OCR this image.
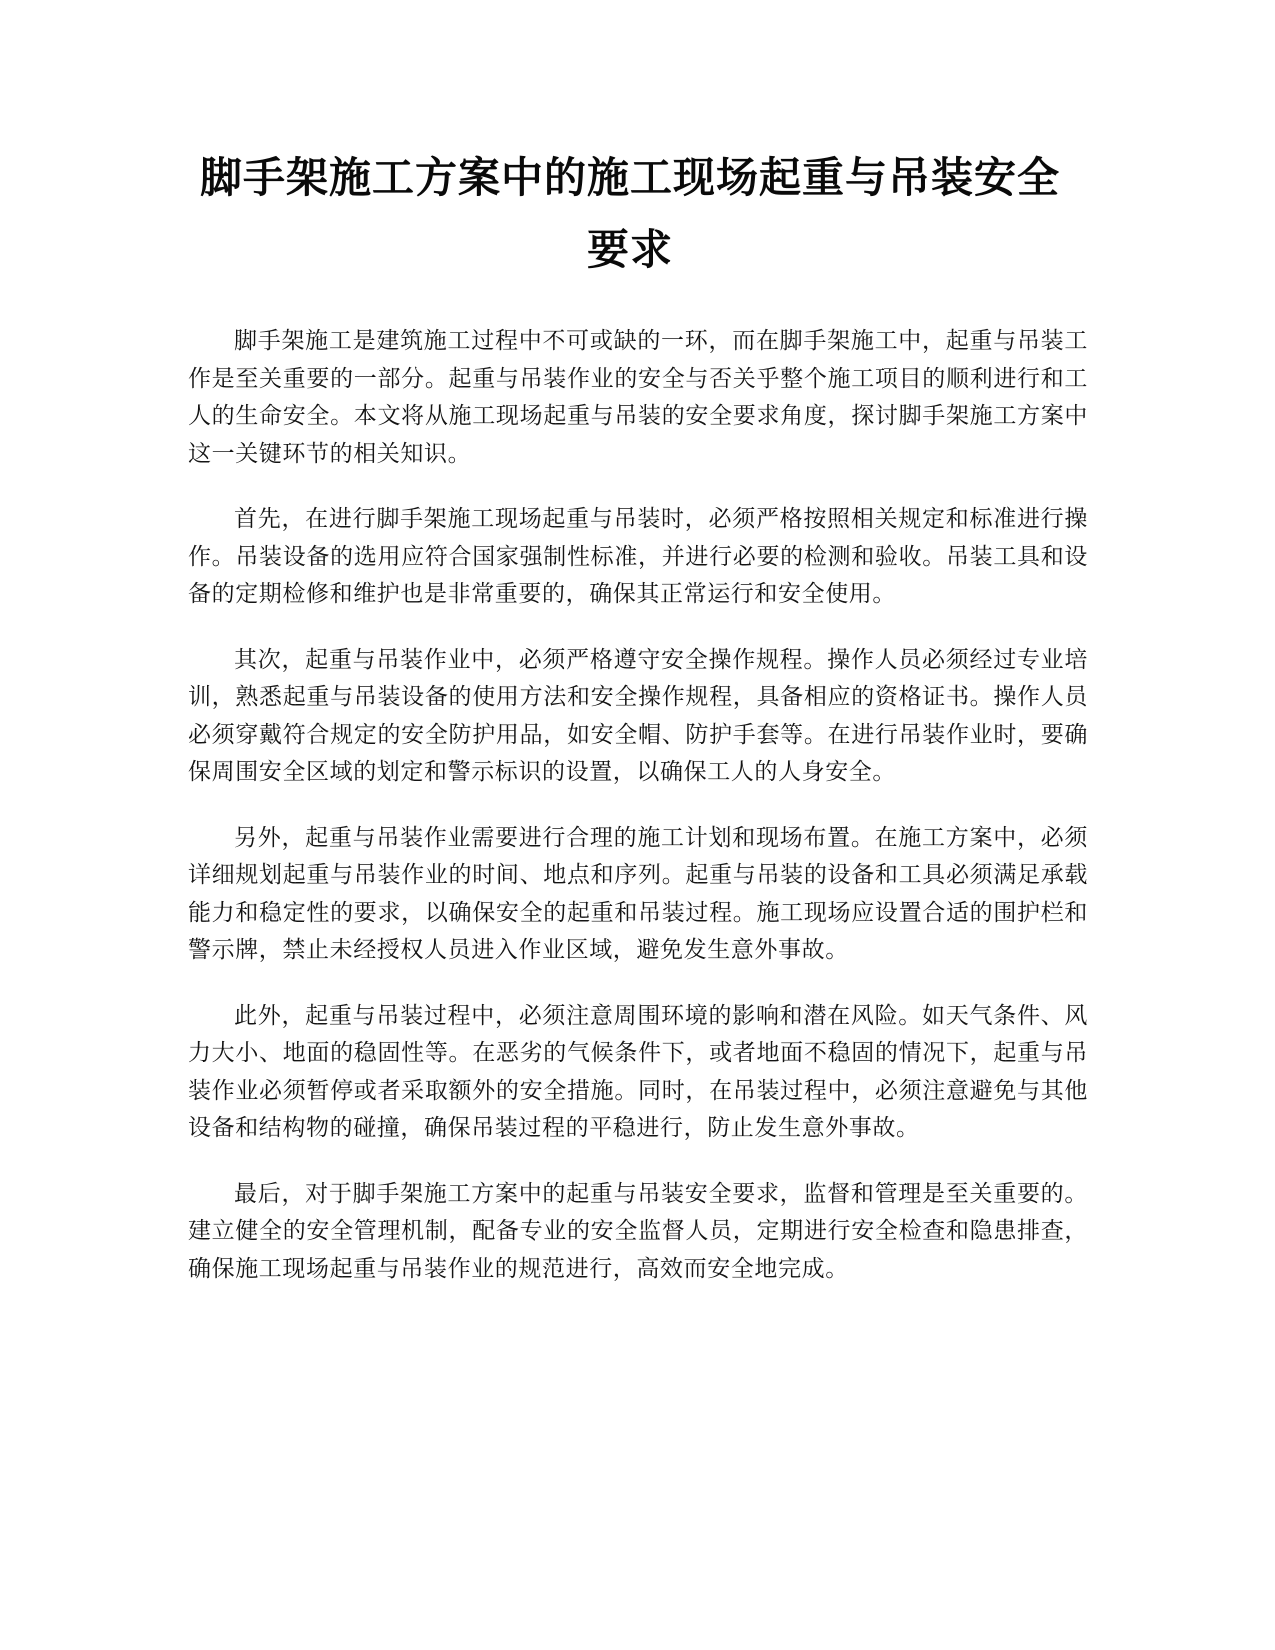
脚手架施工方案中的施工现场起重与吊装安全要求

脚手架施工是建筑施工过程中不可或缺的一环，而在脚手架施工中，起重与吊装工作是至关重要的一部分。起重与吊装作业的安全与否关乎整个施工项目的顺利进行和工人的生命安全。本文将从施工现场起重与吊装的安全要求角度，探讨脚手架施工方案中这一关键环节的相关知识。

首先，在进行脚手架施工现场起重与吊装时，必须严格按照相关规定和标准进行操作。吊装设备的选用应符合国家强制性标准，并进行必要的检测和验收。吊装工具和设备的定期检修和维护也是非常重要的，确保其正常运行和安全使用。

其次，起重与吊装作业中，必须严格遵守安全操作规程。操作人员必须经过专业培训，熟悉起重与吊装设备的使用方法和安全操作规程，具备相应的资格证书。操作人员必须穿戴符合规定的安全防护用品，如安全帽、防护手套等。在进行吊装作业时，要确保周围安全区域的划定和警示标识的设置，以确保工人的人身安全。

另外，起重与吊装作业需要进行合理的施工计划和现场布置。在施工方案中，必须详细规划起重与吊装作业的时间、地点和序列。起重与吊装的设备和工具必须满足承载能力和稳定性的要求，以确保安全的起重和吊装过程。施工现场应设置合适的围护栏和警示牌，禁止未经授权人员进入作业区域，避免发生意外事故。

此外，起重与吊装过程中，必须注意周围环境的影响和潜在风险。如天气条件、风力大小、地面的稳固性等。在恶劣的气候条件下，或者地面不稳固的情况下，起重与吊装作业必须暂停或者采取额外的安全措施。同时，在吊装过程中，必须注意避免与其他设备和结构物的碰撞，确保吊装过程的平稳进行，防止发生意外事故。

最后，对于脚手架施工方案中的起重与吊装安全要求，监督和管理是至关重要的。建立健全的安全管理机制，配备专业的安全监督人员，定期进行安全检查和隐患排查，确保施工现场起重与吊装作业的规范进行，高效而安全地完成。
